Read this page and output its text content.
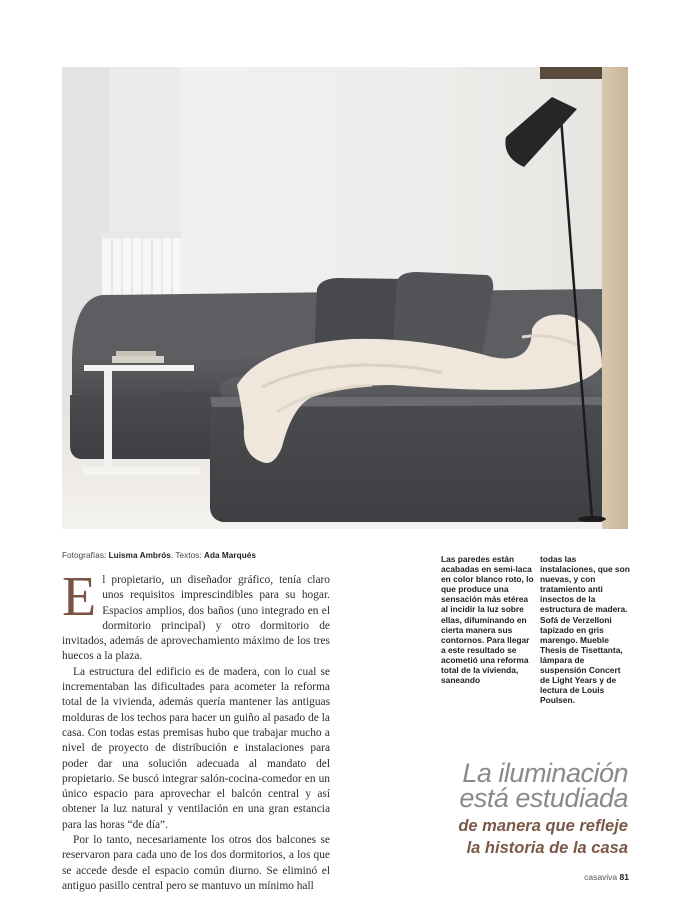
Fotografías: Luisma Ambrós. Textos: Ada Marqués
E l propietario, un diseñador gráfico, tenía claro unos requisitos imprescindibles para su hogar. Espacios amplios, dos baños (uno integrado en el dormitorio principal) y otro dormitorio de invitados, además de aprovechamiento máximo de los tres huecos a la plaza.

La estructura del edificio es de madera, con lo cual se incrementaban las dificultades para acometer la reforma total de la vivienda, además quería mantener las antiguas molduras de los techos para hacer un guiño al pasado de la casa. Con todas estas premisas hubo que trabajar mucho a nivel de proyecto de distribución e instalaciones para poder dar una solución adecuada al mandato del propietario. Se buscó integrar salón-cocina-comedor en un único espacio para aprovechar el balcón central y así obtener la luz natural y ventilación en una gran estancia para las horas “de día”.

Por lo tanto, necesariamente los otros dos balcones se reservaron para cada uno de los dos dormitorios, a los que se accede desde el espacio común diurno. Se eliminó el antiguo pasillo central pero se mantuvo un mínimo hall

Las paredes están acabadas en semi-laca en color blanco roto, lo que produce una sensación más etérea al incidir la luz sobre ellas, difuminando en cierta manera sus contornos. Para llegar a este resultado se acometió una reforma total de la vivienda, saneando
todas las instalaciones, que son nuevas, y con tratamiento anti insectos de la estructura de madera. Sofá de Verzelloni tapizado en gris marengo. Mueble Thesis de Tisettanta, lámpara de suspensión Concert de Light Years y de lectura de Louis Poulsen.
La iluminación
está estudiada
de manera que refleje
la historia de la casa
casaviva 81
